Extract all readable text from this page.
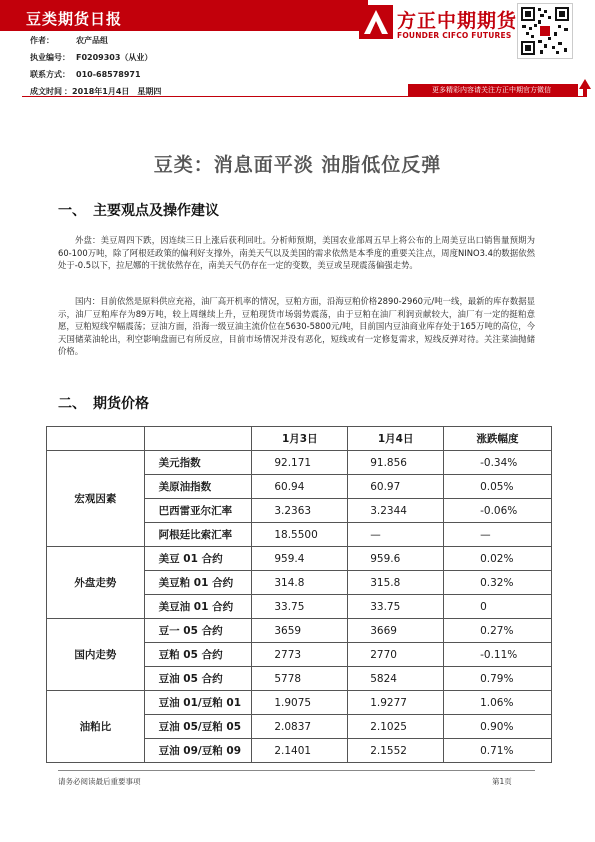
豆类期货日报
作者：	农产品组
执业编号： F0209303（从业）
联系方式： 010-68578971
成文时间 ：2018年1月4日　星期四
方正中期期货
FOUNDER CIFCO FUTURES
更多精彩内容请关注方正中期官方微信
豆类：消息面平淡 油脂低位反弹
一、　主要观点及操作建议
外盘：美豆周四下跌，因连续三日上涨后获利回吐。分析师预期，美国农业部周五早上将公布的上周美豆出口销售量预期为60-100万吨，除了阿根廷政策的偏利好支撑外，南美天气以及美国的需求依然是本季度的重要关注点，周度NINO3.4的数据依然处于-0.5以下，拉尼娜的干扰依然存在，南美天气仍存在一定的变数，美豆或呈现震荡偏强走势。
国内：目前依然是原料供应充裕，油厂高开机率的情况，豆粕方面，沿海豆粕价格2890-2960元/吨一线，最新的库存数据显示，油厂豆粕库存为89万吨，较上周继续上升，豆粕现货市场弱势震荡，由于豆粕在油厂利润贡献较大，油厂有一定的挺粕意愿，豆粕短线窄幅震荡；豆油方面，沿海一级豆油主流价位在5630-5800元/吨，目前国内豆油商业库存处于165万吨的高位，今天国储菜油轮出，利空影响盘面已有所反应，目前市场情况并没有恶化，短线或有一定修复需求，短线反弹对待。关注菜油抛储价格。
二、　期货价格
		1月3日	1月4日	涨跌幅度
宏观因素	美元指数	92.171	91.856	-0.34%
	美原油指数	60.94	60.97	0.05%
	巴西雷亚尔汇率	3.2363	3.2344	-0.06%
	阿根廷比索汇率	18.5500	—	—
外盘走势	美豆 01 合约	959.4	959.6	0.02%
	美豆粕 01 合约	314.8	315.8	0.32%
	美豆油 01 合约	33.75	33.75	0
国内走势	豆一 05 合约	3659	3669	0.27%
	豆粕 05 合约	2773	2770	-0.11%
	豆油 05 合约	5778	5824	0.79%
油粕比	豆油 01/豆粕 01	1.9075	1.9277	1.06%
	豆油 05/豆粕 05	2.0837	2.1025	0.90%
	豆油 09/豆粕 09	2.1401	2.1552	0.71%
请务必阅读最后重要事项	第1页
